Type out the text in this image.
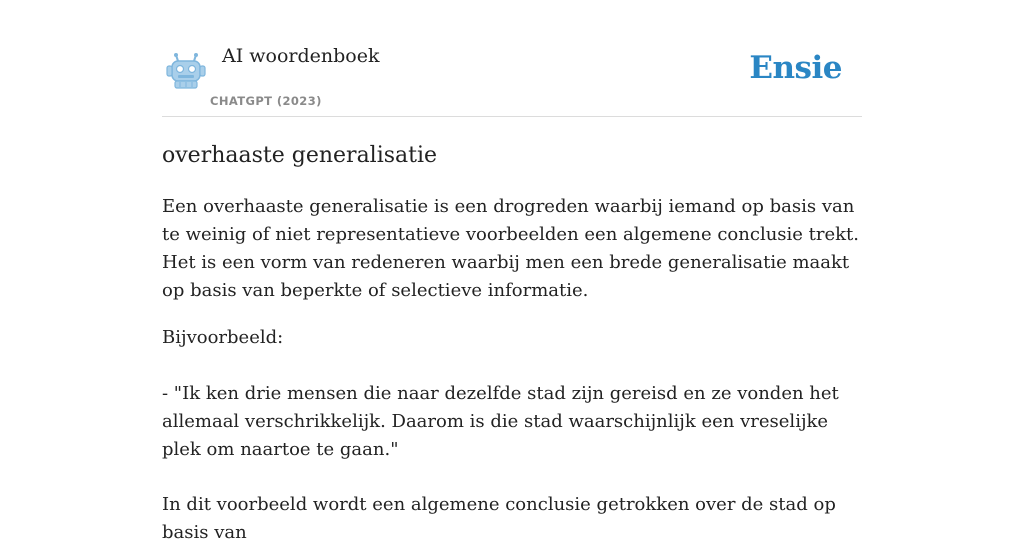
AI woordenboek
CHATGPT (2023)
Ensie
overhaaste generalisatie

Een overhaaste generalisatie is een drogreden waarbij iemand op basis van te weinig of niet representatieve voorbeelden een algemene conclusie trekt. Het is een vorm van redeneren waarbij men een brede generalisatie maakt op basis van beperkte of selectieve informatie.

Bijvoorbeeld:

- "Ik ken drie mensen die naar dezelfde stad zijn gereisd en ze vonden het allemaal verschrikkelijk. Daarom is die stad waarschijnlijk een vreselijke plek om naartoe te gaan."

In dit voorbeeld wordt een algemene conclusie getrokken over de stad op basis van
